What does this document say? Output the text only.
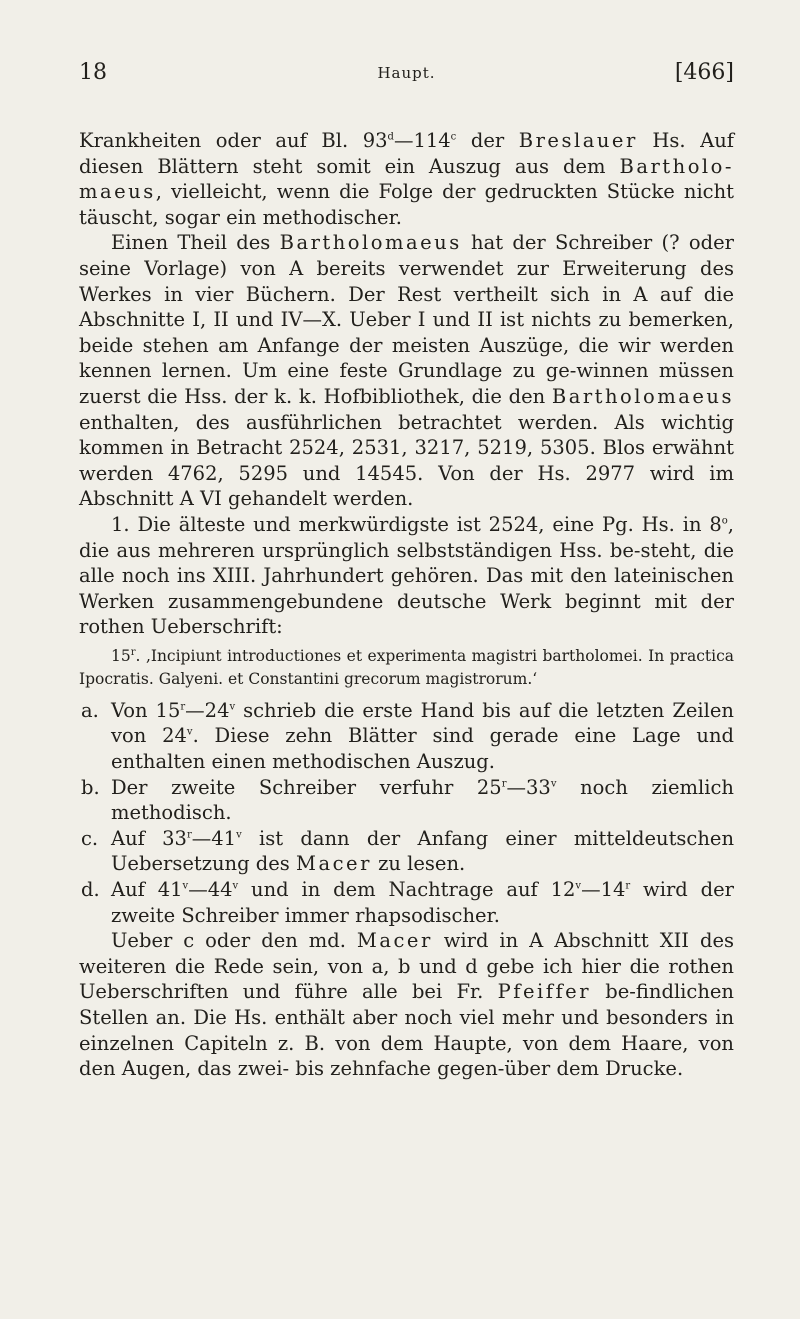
18	Haupt.	[466]

Krankheiten oder auf Bl. 93$^d$—114$^c$ der Breslauer Hs. Auf diesen Blättern steht somit ein Auszug aus dem Bartholo-maeus, vielleicht, wenn die Folge der gedruckten Stücke nicht täuscht, sogar ein methodischer.

Einen Theil des Bartholomaeus hat der Schreiber (? oder seine Vorlage) von A bereits verwendet zur Erweiterung des Werkes in vier Büchern. Der Rest vertheilt sich in A auf die Abschnitte I, II und IV—X. Ueber I und II ist nichts zu bemerken, beide stehen am Anfange der meisten Auszüge, die wir werden kennen lernen. Um eine feste Grundlage zu ge-winnen müssen zuerst die Hss. der k. k. Hofbibliothek, die den Bartholomaeus enthalten, des ausführlichen betrachtet werden. Als wichtig kommen in Betracht 2524, 2531, 3217, 5219, 5305. Blos erwähnt werden 4762, 5295 und 14545. Von der Hs. 2977 wird im Abschnitt A VI gehandelt werden.

1. Die älteste und merkwürdigste ist 2524, eine Pg. Hs. in 8$^o$, die aus mehreren ursprünglich selbstständigen Hss. be-steht, die alle noch ins XIII. Jahrhundert gehören. Das mit den lateinischen Werken zusammengebundene deutsche Werk beginnt mit der rothen Ueberschrift:

15$^r$. ‚Incipiunt introductiones et experimenta magistri bartholomei. In practica Ipocratis. Galyeni. et Constantini grecorum magistrorum.‘

a. Von 15$^r$—24$^v$ schrieb die erste Hand bis auf die letzten Zeilen von 24$^v$. Diese zehn Blätter sind gerade eine Lage und enthalten einen methodischen Auszug.

b. Der zweite Schreiber verfuhr 25$^r$—33$^v$ noch ziemlich methodisch.

c. Auf 33$^r$—41$^v$ ist dann der Anfang einer mitteldeutschen Uebersetzung des Macer zu lesen.

d. Auf 41$^v$—44$^v$ und in dem Nachtrage auf 12$^v$—14$^r$ wird der zweite Schreiber immer rhapsodischer.

Ueber c oder den md. Macer wird in A Abschnitt XII des weiteren die Rede sein, von a, b und d gebe ich hier die rothen Ueberschriften und führe alle bei Fr. Pfeiffer be-findlichen Stellen an. Die Hs. enthält aber noch viel mehr und besonders in einzelnen Capiteln z. B. von dem Haupte, von dem Haare, von den Augen, das zwei- bis zehnfache gegen-über dem Drucke.
